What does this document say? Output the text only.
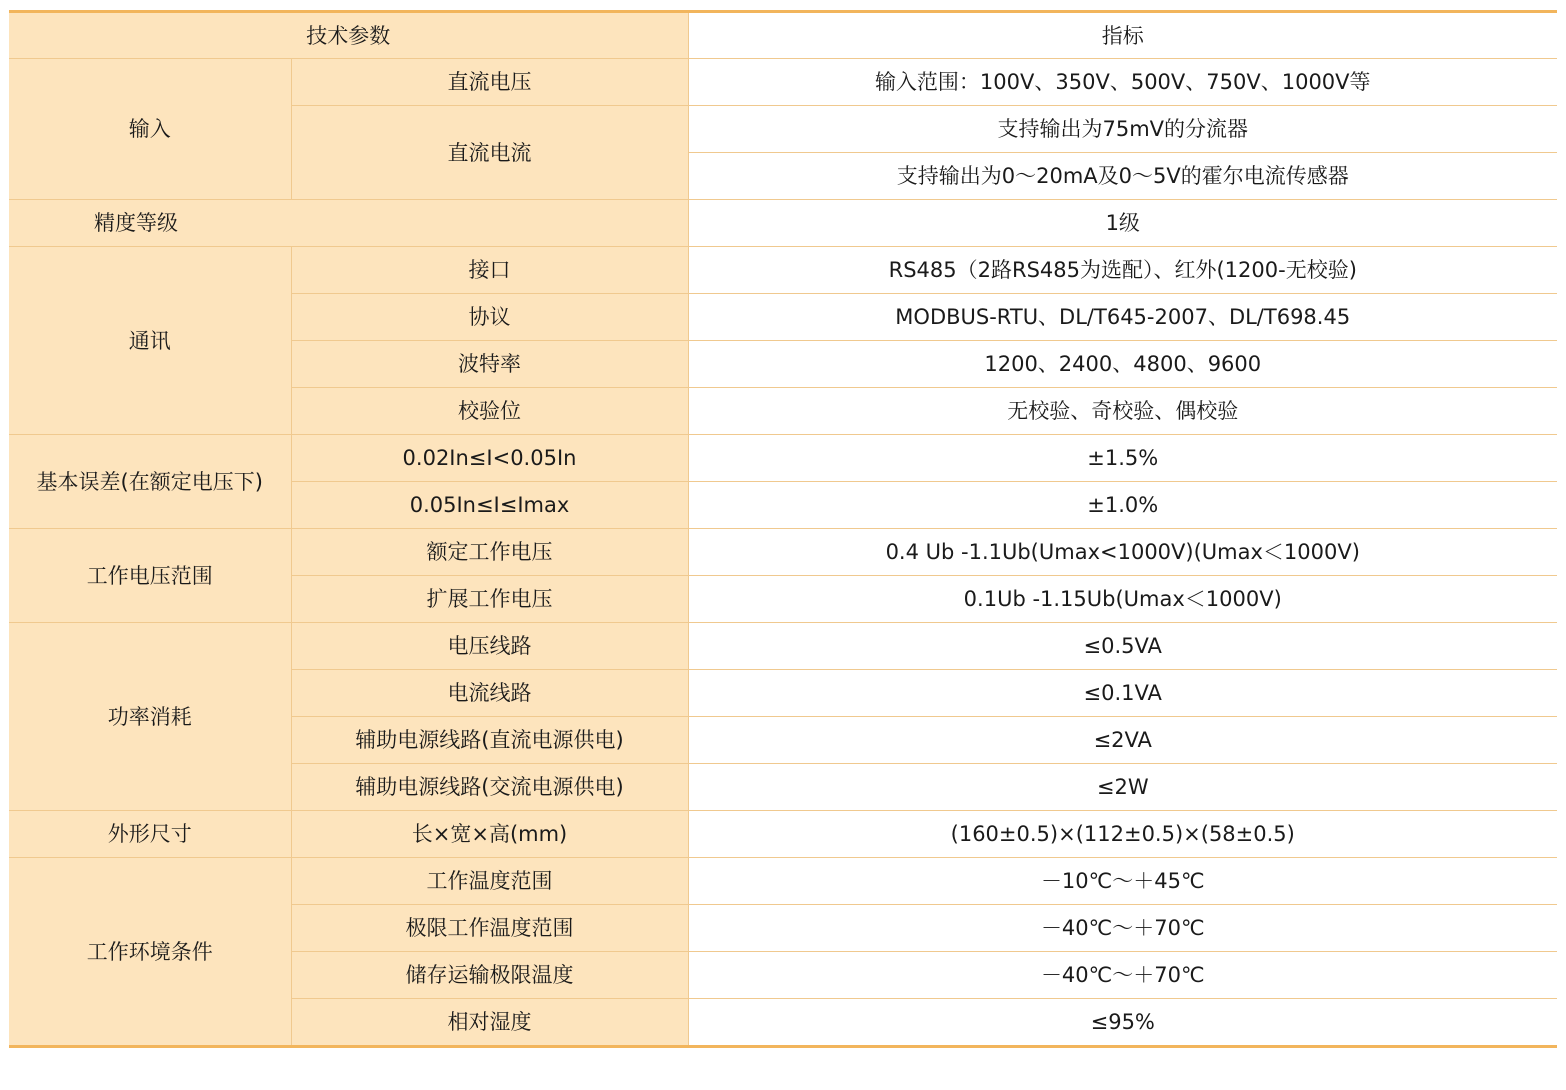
技术参数		指标
输入	直流电压	输入范围：100V、350V、500V、750V、1000V等
	直流电流	支持输出为75mV的分流器
		支持输出为0～20mA及0～5V的霍尔电流传感器
精度等级		1级
通讯	接口	RS485（2路RS485为选配）、红外(1200-无校验)
	协议	MODBUS-RTU、DL/T645-2007、DL/T698.45
	波特率	1200、2400、4800、9600
	校验位	无校验、奇校验、偶校验
基本误差(在额定电压下)	0.02In≤I<0.05In	±1.5%
	0.05In≤I≤Imax	±1.0%
工作电压范围	额定工作电压	0.4 Ub -1.1Ub(Umax<1000V)(Umax＜1000V)
	扩展工作电压	0.1Ub -1.15Ub(Umax＜1000V)
功率消耗	电压线路	≤0.5VA
	电流线路	≤0.1VA
	辅助电源线路(直流电源供电)	≤2VA
	辅助电源线路(交流电源供电)	≤2W
外形尺寸	长×宽×高(mm)	(160±0.5)×(112±0.5)×(58±0.5)
工作环境条件	工作温度范围	－10℃～＋45℃
	极限工作温度范围	－40℃～＋70℃
	储存运输极限温度	－40℃～＋70℃
	相对湿度	≤95%
